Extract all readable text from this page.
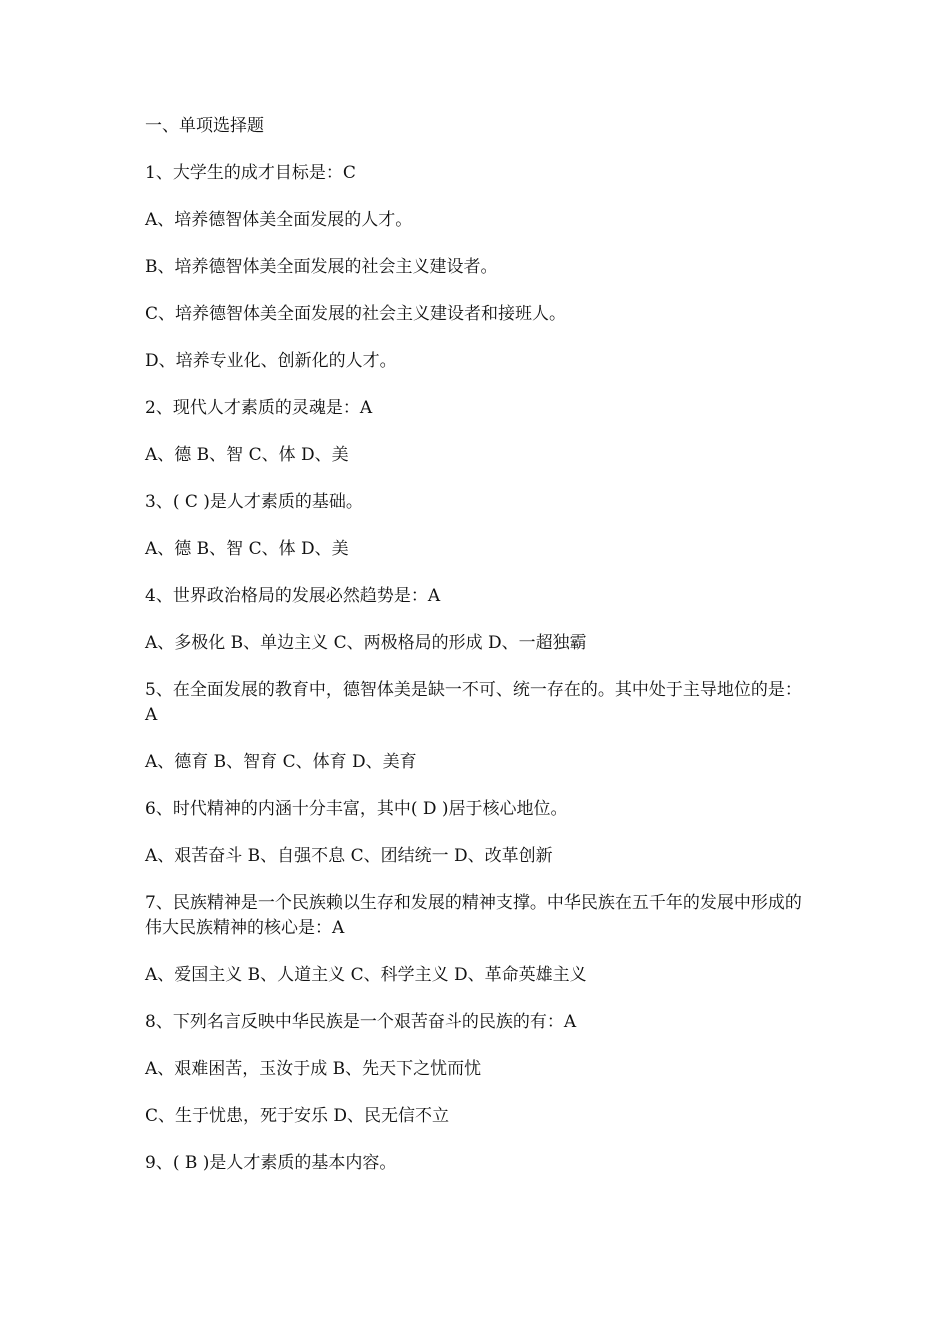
一、单项选择题
1、大学生的成才目标是：C
A、培养德智体美全面发展的人才。
B、培养德智体美全面发展的社会主义建设者。
C、培养德智体美全面发展的社会主义建设者和接班人。
D、培养专业化、创新化的人才。
2、现代人才素质的灵魂是：A
A、德 B、智 C、体 D、美
3、( C )是人才素质的基础。
A、德 B、智 C、体 D、美
4、世界政治格局的发展必然趋势是：A
A、多极化 B、单边主义 C、两极格局的形成 D、一超独霸
5、在全面发展的教育中，德智体美是缺一不可、统一存在的。其中处于主导地位的是：A
A、德育 B、智育 C、体育 D、美育
6、时代精神的内涵十分丰富，其中( D )居于核心地位。
A、艰苦奋斗 B、自强不息 C、团结统一 D、改革创新
7、民族精神是一个民族赖以生存和发展的精神支撑。中华民族在五千年的发展中形成的伟大民族精神的核心是：A
A、爱国主义 B、人道主义 C、科学主义 D、革命英雄主义
8、下列名言反映中华民族是一个艰苦奋斗的民族的有：A
A、艰难困苦，玉汝于成 B、先天下之忧而忧
C、生于忧患，死于安乐 D、民无信不立
9、( B )是人才素质的基本内容。
